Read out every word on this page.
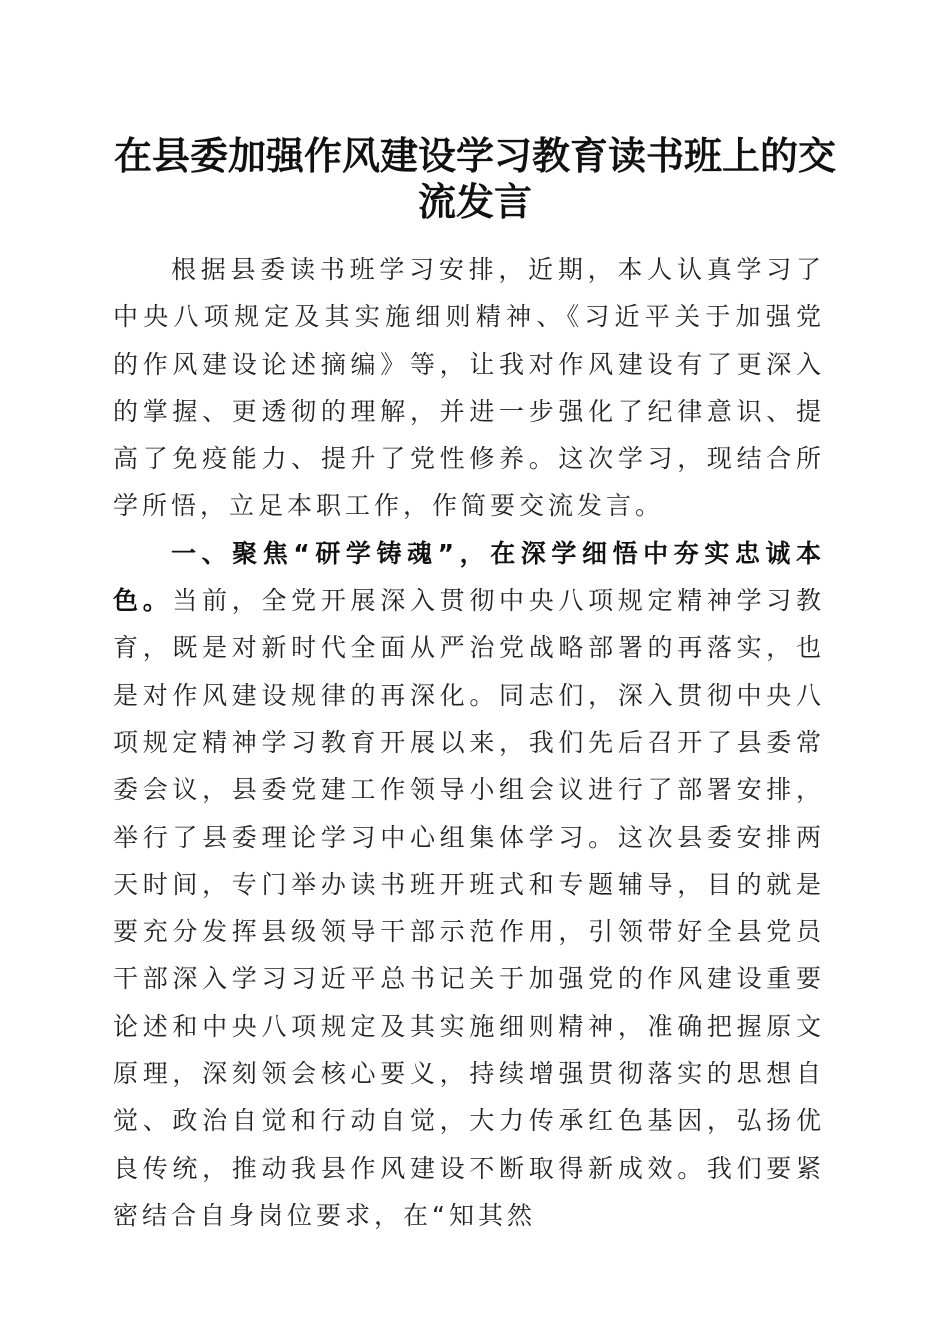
在县委加强作风建设学习教育读书班上的交流发言

根据县委读书班学习安排，近期，本人认真学习了中央八项规定及其实施细则精神、《习近平关于加强党的作风建设论述摘编》等，让我对作风建设有了更深入的掌握、更透彻的理解，并进一步强化了纪律意识、提高了免疫能力、提升了党性修养。这次学习，现结合所学所悟，立足本职工作，作简要交流发言。

一、聚焦“研学铸魂”，在深学细悟中夯实忠诚本色。当前，全党开展深入贯彻中央八项规定精神学习教育，既是对新时代全面从严治党战略部署的再落实，也是对作风建设规律的再深化。同志们，深入贯彻中央八项规定精神学习教育开展以来，我们先后召开了县委常委会议，县委党建工作领导小组会议进行了部署安排，举行了县委理论学习中心组集体学习。这次县委安排两天时间，专门举办读书班开班式和专题辅导，目的就是要充分发挥县级领导干部示范作用，引领带好全县党员干部深入学习习近平总书记关于加强党的作风建设重要论述和中央八项规定及其实施细则精神，准确把握原文原理，深刻领会核心要义，持续增强贯彻落实的思想自觉、政治自觉和行动自觉，大力传承红色基因，弘扬优良传统，推动我县作风建设不断取得新成效。我们要紧密结合自身岗位要求，在“知其然
